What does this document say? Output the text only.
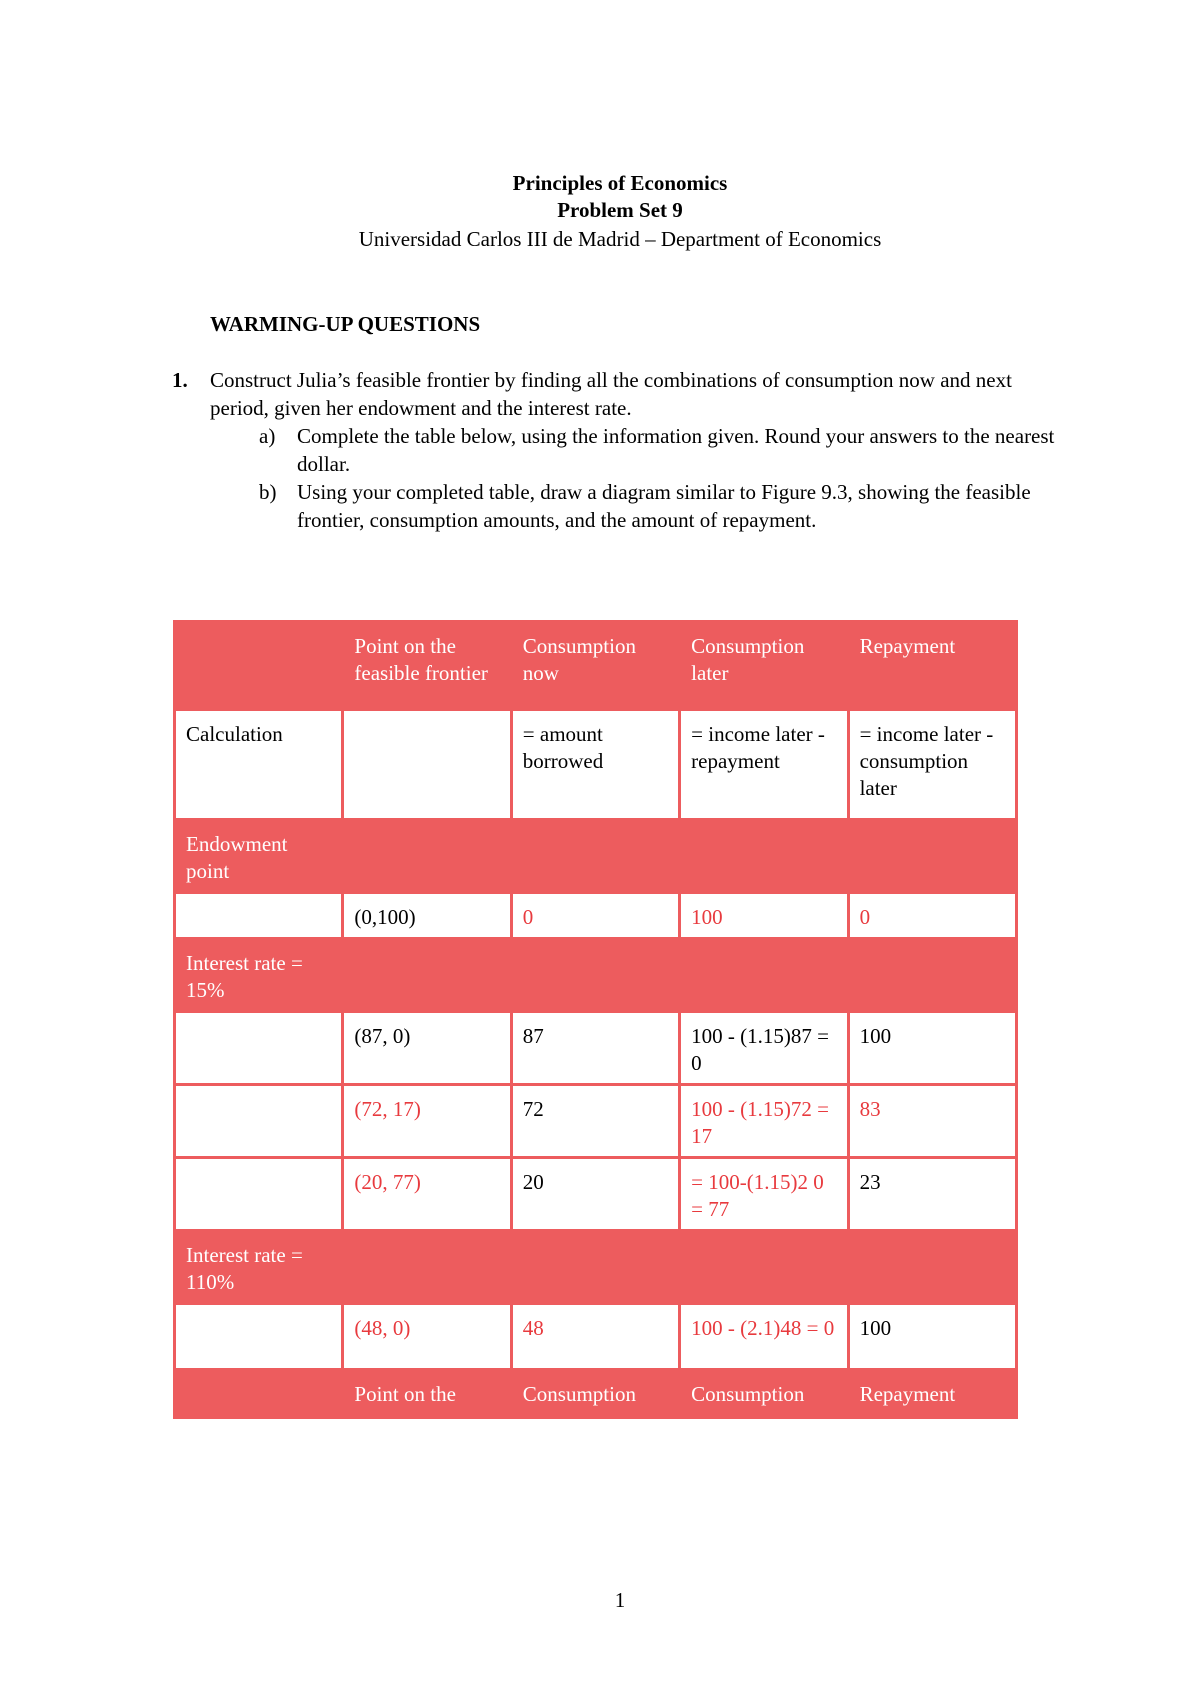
Principles of Economics
Problem Set 9
Universidad Carlos III de Madrid – Department of Economics
WARMING-UP QUESTIONS
1. Construct Julia’s feasible frontier by finding all the combinations of consumption now and next period, given her endowment and the interest rate.
a) Complete the table below, using the information given. Round your answers to the nearest dollar.
b) Using your completed table, draw a diagram similar to Figure 9.3, showing the feasible frontier, consumption amounts, and the amount of repayment.
	Point on the feasible frontier	Consumption now	Consumption later	Repayment
Calculation		= amount borrowed	= income later - repayment	= income later - consumption later
Endowment point				
	(0,100)	0	100	0
Interest rate = 15%				
	(87, 0)	87	100 - (1.15)87 = 0	100
	(72, 17)	72	100 - (1.15)72 = 17	83
	(20, 77)	20	= 100-(1.15)2 0 = 77	23
Interest rate = 110%				
	(48, 0)	48	100 - (2.1)48 = 0	100
	Point on the	Consumption	Consumption	Repayment
1
